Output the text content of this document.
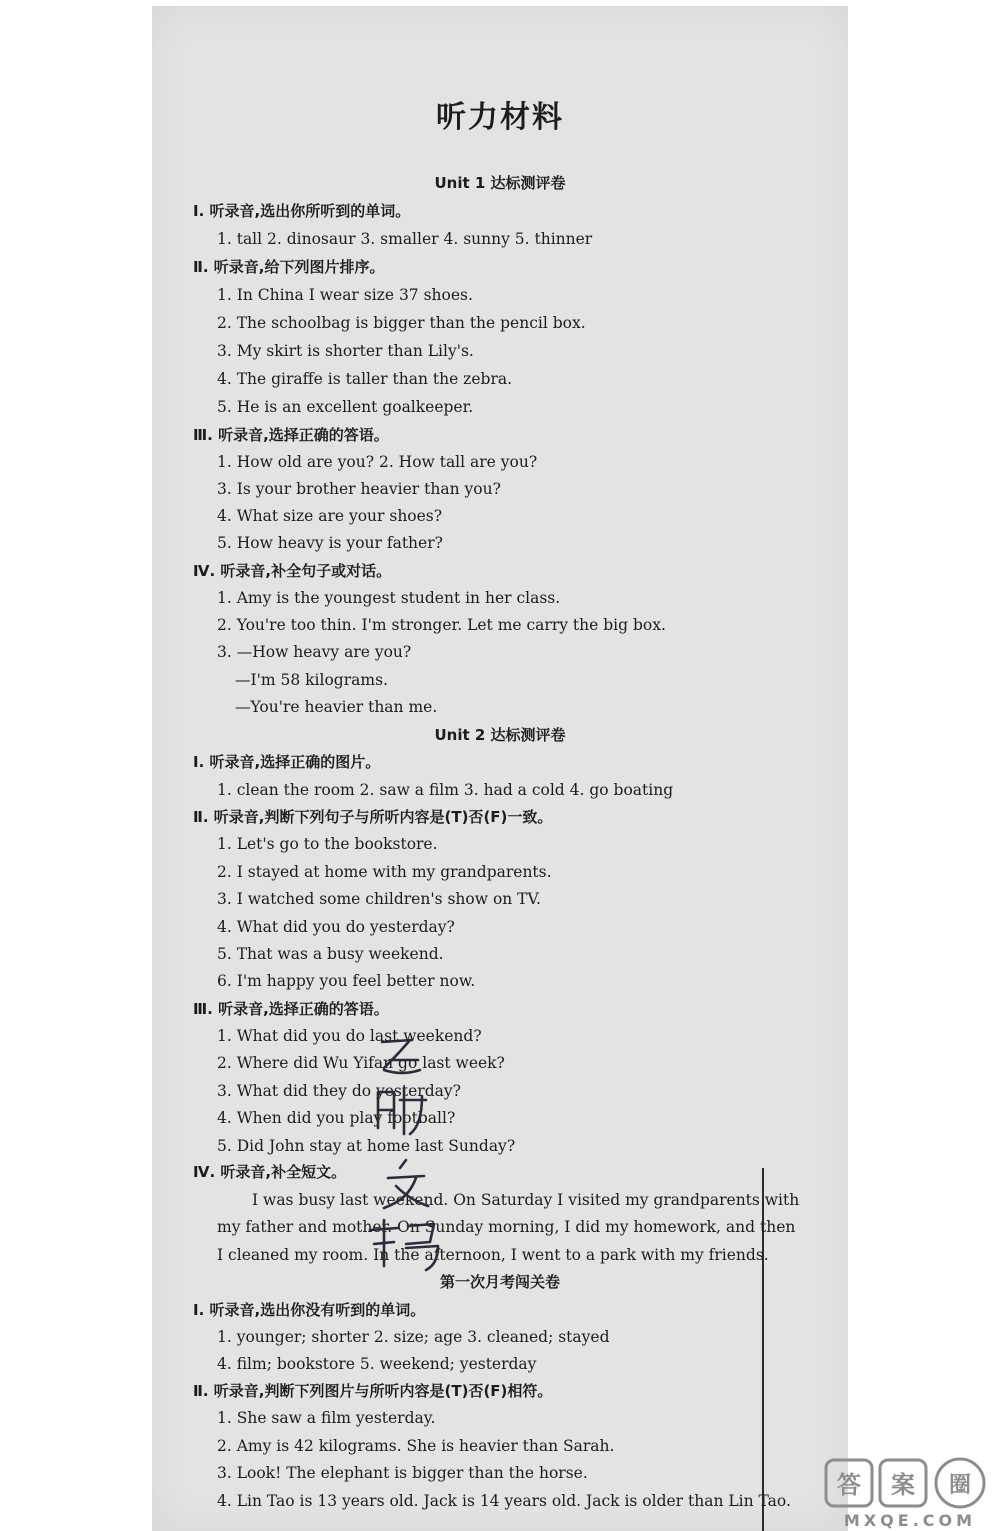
听力材料
Unit 1 达标测评卷
Ⅰ. 听录音,选出你所听到的单词。
1. tall 2. dinosaur 3. smaller 4. sunny 5. thinner
Ⅱ. 听录音,给下列图片排序。
1. In China I wear size 37 shoes.
2. The schoolbag is bigger than the pencil box.
3. My skirt is shorter than Lily's.
4. The giraffe is taller than the zebra.
5. He is an excellent goalkeeper.
Ⅲ. 听录音,选择正确的答语。
1. How old are you? 2. How tall are you?
3. Is your brother heavier than you?
4. What size are your shoes?
5. How heavy is your father?
Ⅳ. 听录音,补全句子或对话。
1. Amy is the youngest student in her class.
2. You're too thin. I'm stronger. Let me carry the big box.
3. —How heavy are you?
—I'm 58 kilograms.
—You're heavier than me.
Unit 2 达标测评卷
Ⅰ. 听录音,选择正确的图片。
1. clean the room 2. saw a film 3. had a cold 4. go boating
Ⅱ. 听录音,判断下列句子与所听内容是(T)否(F)一致。
1. Let's go to the bookstore.
2. I stayed at home with my grandparents.
3. I watched some children's show on TV.
4. What did you do yesterday?
5. That was a busy weekend.
6. I'm happy you feel better now.
Ⅲ. 听录音,选择正确的答语。
1. What did you do last weekend?
2. Where did Wu Yifan go last week?
3. What did they do yesterday?
4. When did you play football?
5. Did John stay at home last Sunday?
Ⅳ. 听录音,补全短文。
I was busy last weekend. On Saturday I visited my grandparents with
my father and mother. On Sunday morning, I did my homework, and then
I cleaned my room. In the afternoon, I went to a park with my friends.
第一次月考闯关卷
Ⅰ. 听录音,选出你没有听到的单词。
1. younger; shorter 2. size; age 3. cleaned; stayed
4. film; bookstore 5. weekend; yesterday
Ⅱ. 听录音,判断下列图片与所听内容是(T)否(F)相符。
1. She saw a film yesterday.
2. Amy is 42 kilograms. She is heavier than Sarah.
3. Look! The elephant is bigger than the horse.
4. Lin Tao is 13 years old. Jack is 14 years old. Jack is older than Lin Tao.
答 案 圈
MXQE.COM
